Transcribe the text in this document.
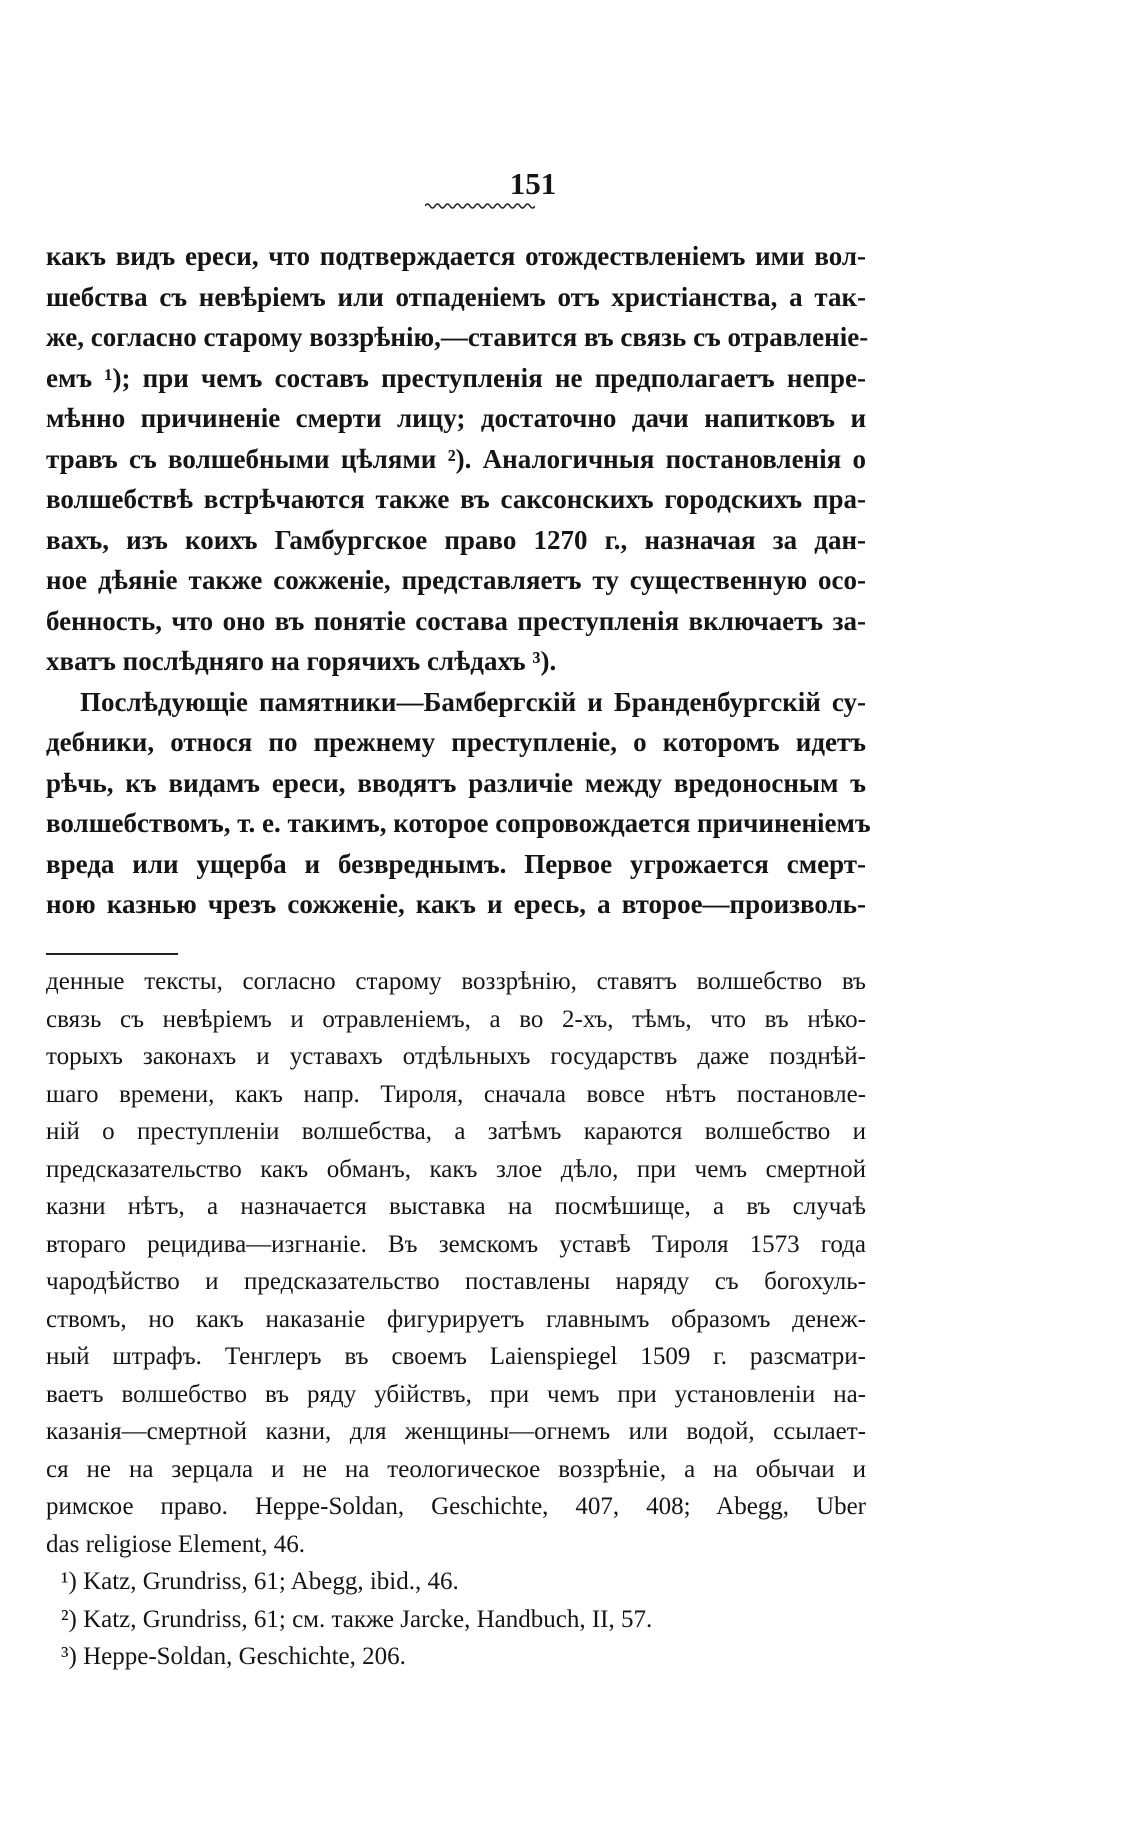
151
какъ видъ ереси, что подтверждается отождествленіемъ ими вол-
шебства съ невѣріемъ или отпаденіемъ отъ христіанства, а так-
же, согласно старому воззрѣнію,—ставится въ связь съ отравленіе-
емъ ¹); при чемъ составъ преступленія не предполагаетъ непре-
мѣнно причиненіе смерти лицу; достаточно дачи напитковъ и
травъ съ волшебными цѣлями ²). Аналогичныя постановленія о
волшебствѣ встрѣчаются также въ саксонскихъ городскихъ пра-
вахъ, изъ коихъ Гамбургское право 1270 г., назначая за дан-
ное дѣяніе также сожженіе, представляетъ ту существенную осо-
бенность, что оно въ понятіе состава преступленія включаетъ за-
хватъ послѣдняго на горячихъ слѣдахъ ³).
Послѣдующіе памятники—Бамбергскій и Бранденбургскій су-
дебники, относя по прежнему преступленіе, о которомъ идетъ
рѣчь, къ видамъ ереси, вводятъ различіе между вредоносным ъ
волшебствомъ, т. е. такимъ, которое сопровождается причиненіемъ
вреда или ущерба и безвреднымъ. Первое угрожается смерт-
ною казнью чрезъ сожженіе, какъ и ересь, а второе—произволь-
денные тексты, согласно старому воззрѣнію, ставятъ волшебство въ
связь съ невѣріемъ и отравленіемъ, а во 2-хъ, тѣмъ, что въ нѣко-
торыхъ законахъ и уставахъ отдѣльныхъ государствъ даже позднѣй-
шаго времени, какъ напр. Тироля, сначала вовсе нѣтъ постановле-
ній о преступленіи волшебства, а затѣмъ караются волшебство и
предсказательство какъ обманъ, какъ злое дѣло, при чемъ смертной
казни нѣтъ, а назначается выставка на посмѣшище, а въ случаѣ
втораго рецидива—изгнаніе. Въ земскомъ уставѣ Тироля 1573 года
чародѣйство и предсказательство поставлены наряду съ богохуль-
ствомъ, но какъ наказаніе фигурируетъ главнымъ образомъ денеж-
ный штрафъ. Тенглеръ въ своемъ Laienspiegel 1509 г. разсматри-
ваетъ волшебство въ ряду убійствъ, при чемъ при установленіи на-
казанія—смертной казни, для женщины—огнемъ или водой, ссылает-
ся не на зерцала и не на теологическое воззрѣніе, а на обычаи и
римское право. Heppe-Soldan, Geschichte, 407, 408; Abegg, Uber
das religiose Element, 46.
¹) Katz, Grundriss, 61; Abegg, ibid., 46.
²) Katz, Grundriss, 61; см. также Jarcke, Handbuch, II, 57.
³) Heppe-Soldan, Geschichte, 206.
